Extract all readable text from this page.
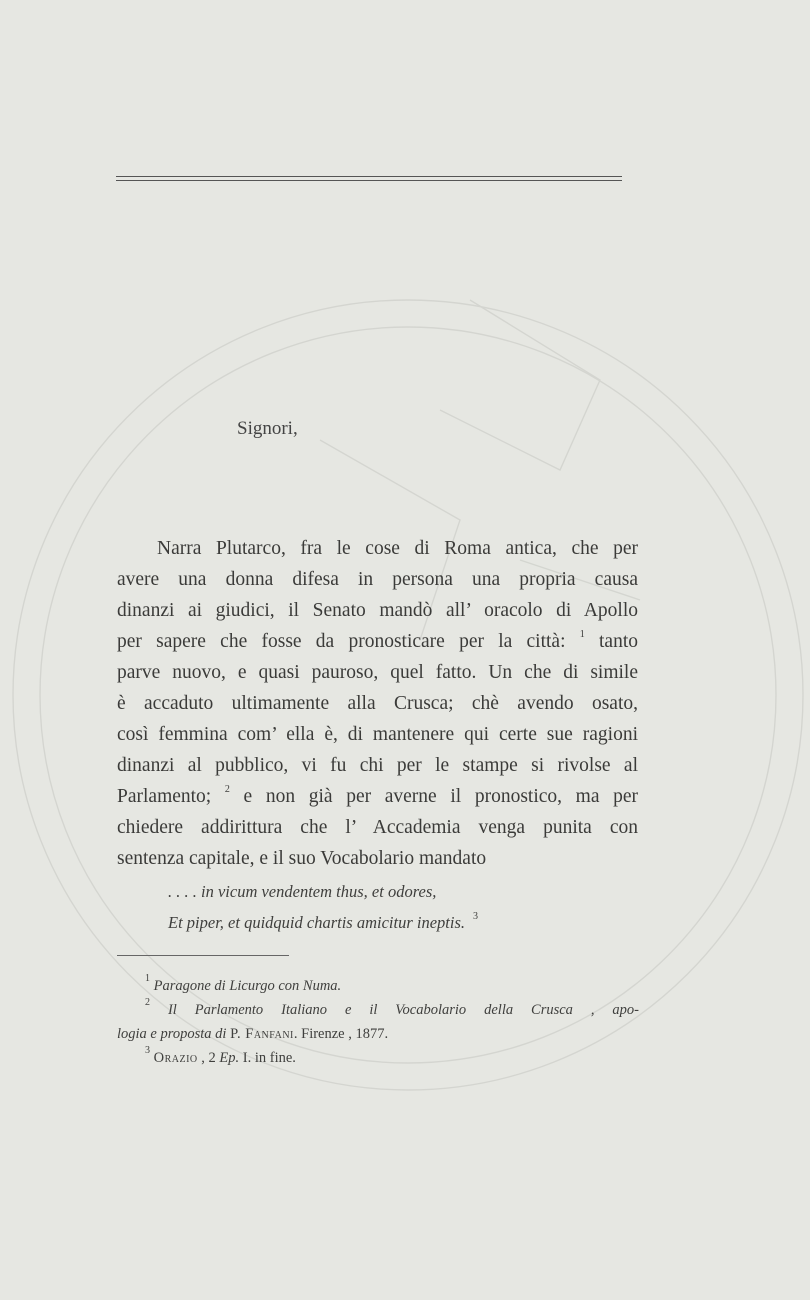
Signori,
Narra Plutarco, fra le cose di Roma antica, che per
avere una donna difesa in persona una propria causa
dinanzi ai giudici, il Senato mandò all’ oracolo di Apollo
per sapere che fosse da pronosticare per la città: $^1$ tanto
parve nuovo, e quasi pauroso, quel fatto. Un che di simile
è accaduto ultimamente alla Crusca; chè avendo osato,
così femmina com’ ella è, di mantenere qui certe sue ragioni
dinanzi al pubblico, vi fu chi per le stampe si rivolse al
Parlamento; $^2$ e non già per averne il pronostico, ma per
chiedere addirittura che l’ Accademia venga punita con
sentenza capitale, e il suo Vocabolario mandato
. . . . in vicum vendentem thus, et odores,
Et piper, et quidquid chartis amicitur ineptis. $^3$
$^1$ Paragone di Licurgo con Numa.
$^2$ Il Parlamento Italiano e il Vocabolario della Crusca , apo-
logia e proposta di P. Fanfani. Firenze , 1877.
$^3$ Orazio , 2 Ep. I. in fine.
